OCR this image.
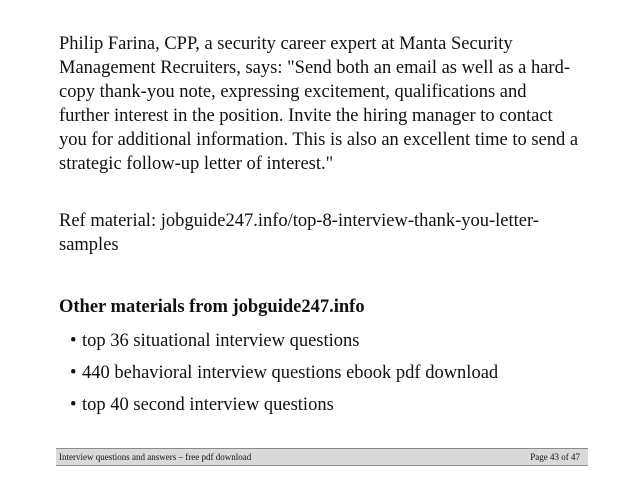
Philip Farina, CPP, a security career expert at Manta Security Management Recruiters, says: "Send both an email as well as a hard-copy thank-you note, expressing excitement, qualifications and further interest in the position. Invite the hiring manager to contact you for additional information. This is also an excellent time to send a strategic follow-up letter of interest."

Ref material: jobguide247.info/top-8-interview-thank-you-letter-samples

Other materials from jobguide247.info

• top 36 situational interview questions
• 440 behavioral interview questions ebook pdf download
• top 40 second interview questions
Interview questions and answers – free pdf download	Page 43 of 47
